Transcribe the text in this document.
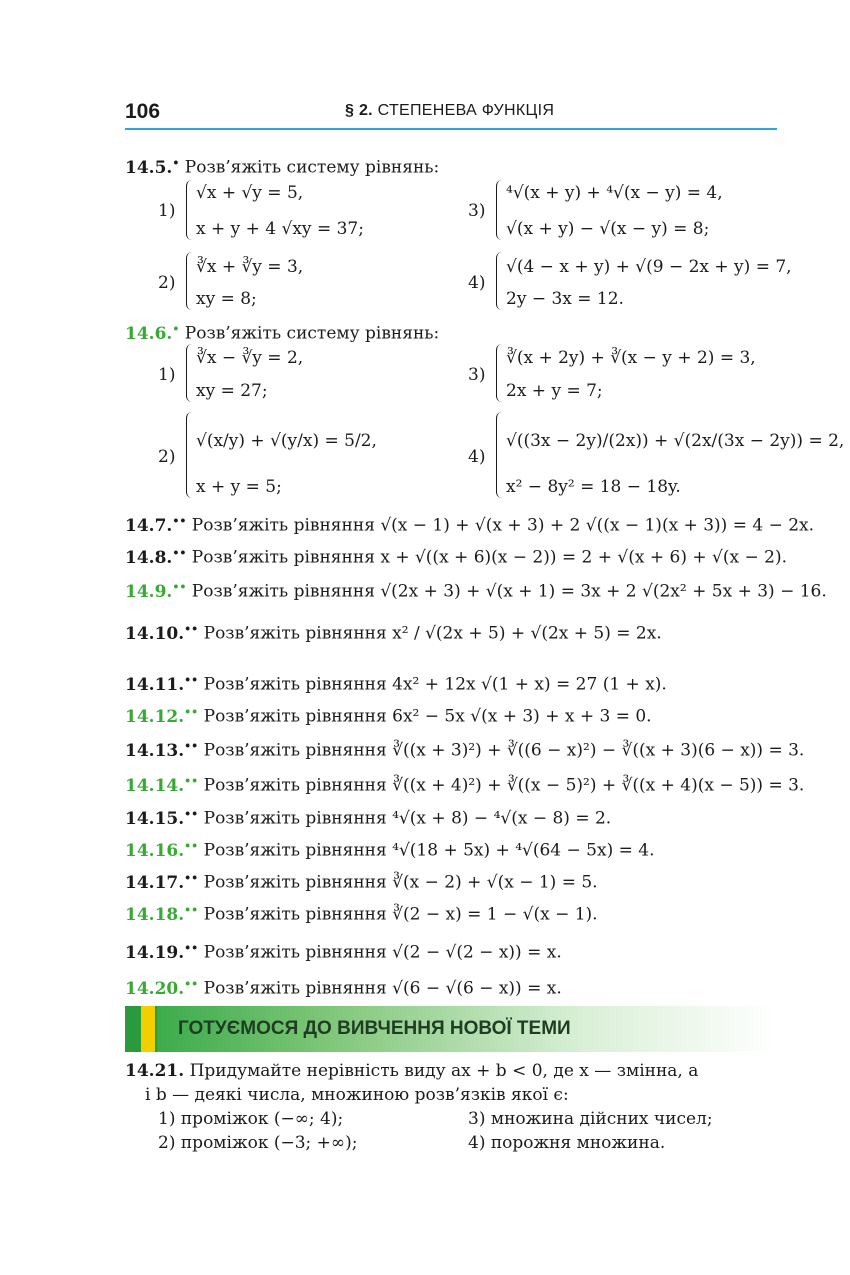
106	§ 2. СТЕПЕНЕВА ФУНКЦІЯ
14.5.• Розв’яжіть систему рівнянь:
1)
√x + √y = 5,
x + y + 4 √xy = 37;
3)
⁴√(x + y) + ⁴√(x − y) = 4,
√(x + y) − √(x − y) = 8;
2)
∛x + ∛y = 3,
xy = 8;
4)
√(4 − x + y) + √(9 − 2x + y) = 7,
2y − 3x = 12.
14.6.• Розв’яжіть систему рівнянь:
1)
∛x − ∛y = 2,
xy = 27;
3)
∛(x + 2y) + ∛(x − y + 2) = 3,
2x + y = 7;
2)
√(x/y) + √(y/x) = 5/2,
x + y = 5;
4)
√((3x − 2y)/(2x)) + √(2x/(3x − 2y)) = 2,
x² − 8y² = 18 − 18y.
14.7.•• Розв’яжіть рівняння √(x − 1) + √(x + 3) + 2 √((x − 1)(x + 3)) = 4 − 2x.
14.8.•• Розв’яжіть рівняння x + √((x + 6)(x − 2)) = 2 + √(x + 6) + √(x − 2).
14.9.•• Розв’яжіть рівняння √(2x + 3) + √(x + 1) = 3x + 2 √(2x² + 5x + 3) − 16.
14.10.•• Розв’яжіть рівняння x² / √(2x + 5) + √(2x + 5) = 2x.
14.11.•• Розв’яжіть рівняння 4x² + 12x √(1 + x) = 27 (1 + x).
14.12.•• Розв’яжіть рівняння 6x² − 5x √(x + 3) + x + 3 = 0.
14.13.•• Розв’яжіть рівняння ∛((x + 3)²) + ∛((6 − x)²) − ∛((x + 3)(6 − x)) = 3.
14.14.•• Розв’яжіть рівняння ∛((x + 4)²) + ∛((x − 5)²) + ∛((x + 4)(x − 5)) = 3.
14.15.•• Розв’яжіть рівняння ⁴√(x + 8) − ⁴√(x − 8) = 2.
14.16.•• Розв’яжіть рівняння ⁴√(18 + 5x) + ⁴√(64 − 5x) = 4.
14.17.•• Розв’яжіть рівняння ∛(x − 2) + √(x − 1) = 5.
14.18.•• Розв’яжіть рівняння ∛(2 − x) = 1 − √(x − 1).
14.19.•• Розв’яжіть рівняння √(2 − √(2 − x)) = x.
14.20.•• Розв’яжіть рівняння √(6 − √(6 − x)) = x.
ГОТУЄМОСЯ ДО ВИВЧЕННЯ НОВОЇ ТЕМИ
14.21. Придумайте нерівність виду ax + b < 0, де x — змінна, a
і b — деякі числа, множиною розв’язків якої є:
1) проміжок (−∞; 4);	3) множина дійсних чисел;
2) проміжок (−3; +∞);	4) порожня множина.
